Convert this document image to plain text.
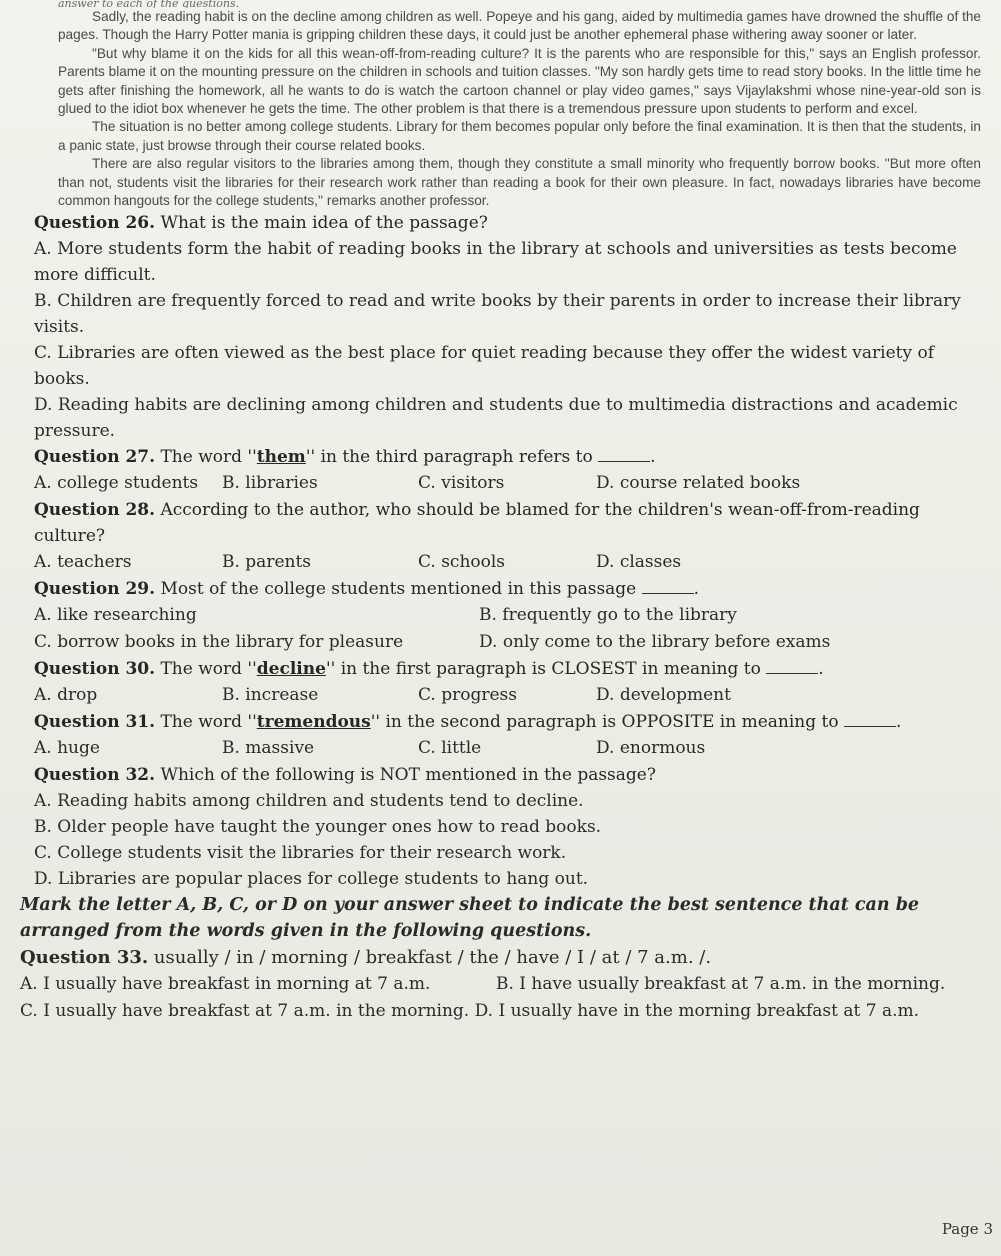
answer to each of the questions.

Sadly, the reading habit is on the decline among children as well. Popeye and his gang, aided by multimedia games have drowned the shuffle of the pages. Though the Harry Potter mania is gripping children these days, it could just be another ephemeral phase withering away sooner or later.

"But why blame it on the kids for all this wean-off-from-reading culture? It is the parents who are responsible for this," says an English professor. Parents blame it on the mounting pressure on the children in schools and tuition classes. "My son hardly gets time to read story books. In the little time he gets after finishing the homework, all he wants to do is watch the cartoon channel or play video games," says Vijaylakshmi whose nine-year-old son is glued to the idiot box whenever he gets the time. The other problem is that there is a tremendous pressure upon students to perform and excel.

The situation is no better among college students. Library for them becomes popular only before the final examination. It is then that the students, in a panic state, just browse through their course related books.

There are also regular visitors to the libraries among them, though they constitute a small minority who frequently borrow books. ''But more often than not, students visit the libraries for their research work rather than reading a book for their own pleasure. In fact, nowadays libraries have become common hangouts for the college students,'' remarks another professor.

Question 26. What is the main idea of the passage?
A. More students form the habit of reading books in the library at schools and universities as tests become more difficult.
B. Children are frequently forced to read and write books by their parents in order to increase their library visits.
C. Libraries are often viewed as the best place for quiet reading because they offer the widest variety of books.
D. Reading habits are declining among children and students due to multimedia distractions and academic pressure.
Question 27. The word ''them'' in the third paragraph refers to	.
A. college students	B. libraries	C. visitors	D. course related books
Question 28. According to the author, who should be blamed for the children's wean-off-from-reading culture?
A. teachers	B. parents	C. schools	D. classes
Question 29. Most of the college students mentioned in this passage	.
A. like researching	B. frequently go to the library
C. borrow books in the library for pleasure	D. only come to the library before exams
Question 30. The word ''decline'' in the first paragraph is CLOSEST in meaning to	.
A. drop	B. increase	C. progress	D. development
Question 31. The word ''tremendous'' in the second paragraph is OPPOSITE in meaning to	.
A. huge	B. massive	C. little	D. enormous
Question 32. Which of the following is NOT mentioned in the passage?
A. Reading habits among children and students tend to decline.
B. Older people have taught the younger ones how to read books.
C. College students visit the libraries for their research work.
D. Libraries are popular places for college students to hang out.
Mark the letter A, B, C, or D on your answer sheet to indicate the best sentence that can be arranged from the words given in the following questions.
Question 33. usually / in / morning / breakfast / the / have / I / at / 7 a.m. /.
A. I usually have breakfast in morning at 7 a.m.	B. I have usually breakfast at 7 a.m. in the morning.
C. I usually have breakfast at 7 a.m. in the morning.
D. I usually have in the morning breakfast at 7 a.m.
Page 3
